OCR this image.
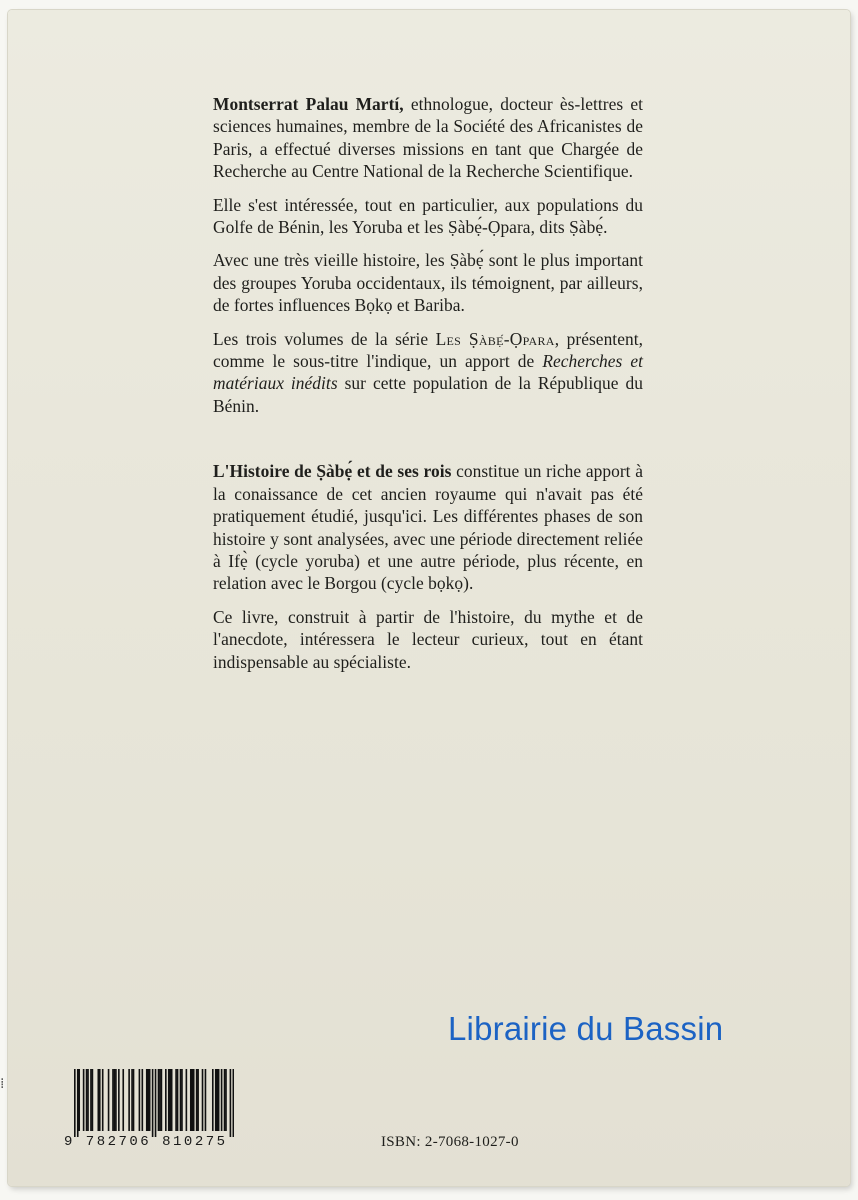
Montserrat Palau Martí, ethnologue, docteur ès-lettres et sciences humaines, membre de la Société des Africanistes de Paris, a effectué diverses missions en tant que Chargée de Recherche au Centre National de la Recherche Scientifique.

Elle s'est intéressée, tout en particulier, aux populations du Golfe de Bénin, les Yoruba et les Ṣàbẹ́-Ọpara, dits Ṣàbẹ́.

Avec une très vieille histoire, les Ṣàbẹ́ sont le plus important des groupes Yoruba occidentaux, ils témoignent, par ailleurs, de fortes influences Bọkọ et Bariba.

Les trois volumes de la série Les Ṣàbẹ́-Ọpara, présentent, comme le sous-titre l'indique, un apport de Recherches et matériaux inédits sur cette population de la République du Bénin.

L'Histoire de Ṣàbẹ́ et de ses rois constitue un riche apport à la conaissance de cet ancien royaume qui n'avait pas été pratiquement étudié, jusqu'ici. Les différentes phases de son histoire y sont analysées, avec une période directement reliée à Ifẹ̀ (cycle yoruba) et une autre période, plus récente, en relation avec le Borgou (cycle bọkọ).

Ce livre, construit à partir de l'histoire, du mythe et de l'anecdote, intéressera le lecteur curieux, tout en étant indispensable au spécialiste.

Librairie du Bassin
9 782706 810275	ISBN: 2-7068-1027-0
⁞
